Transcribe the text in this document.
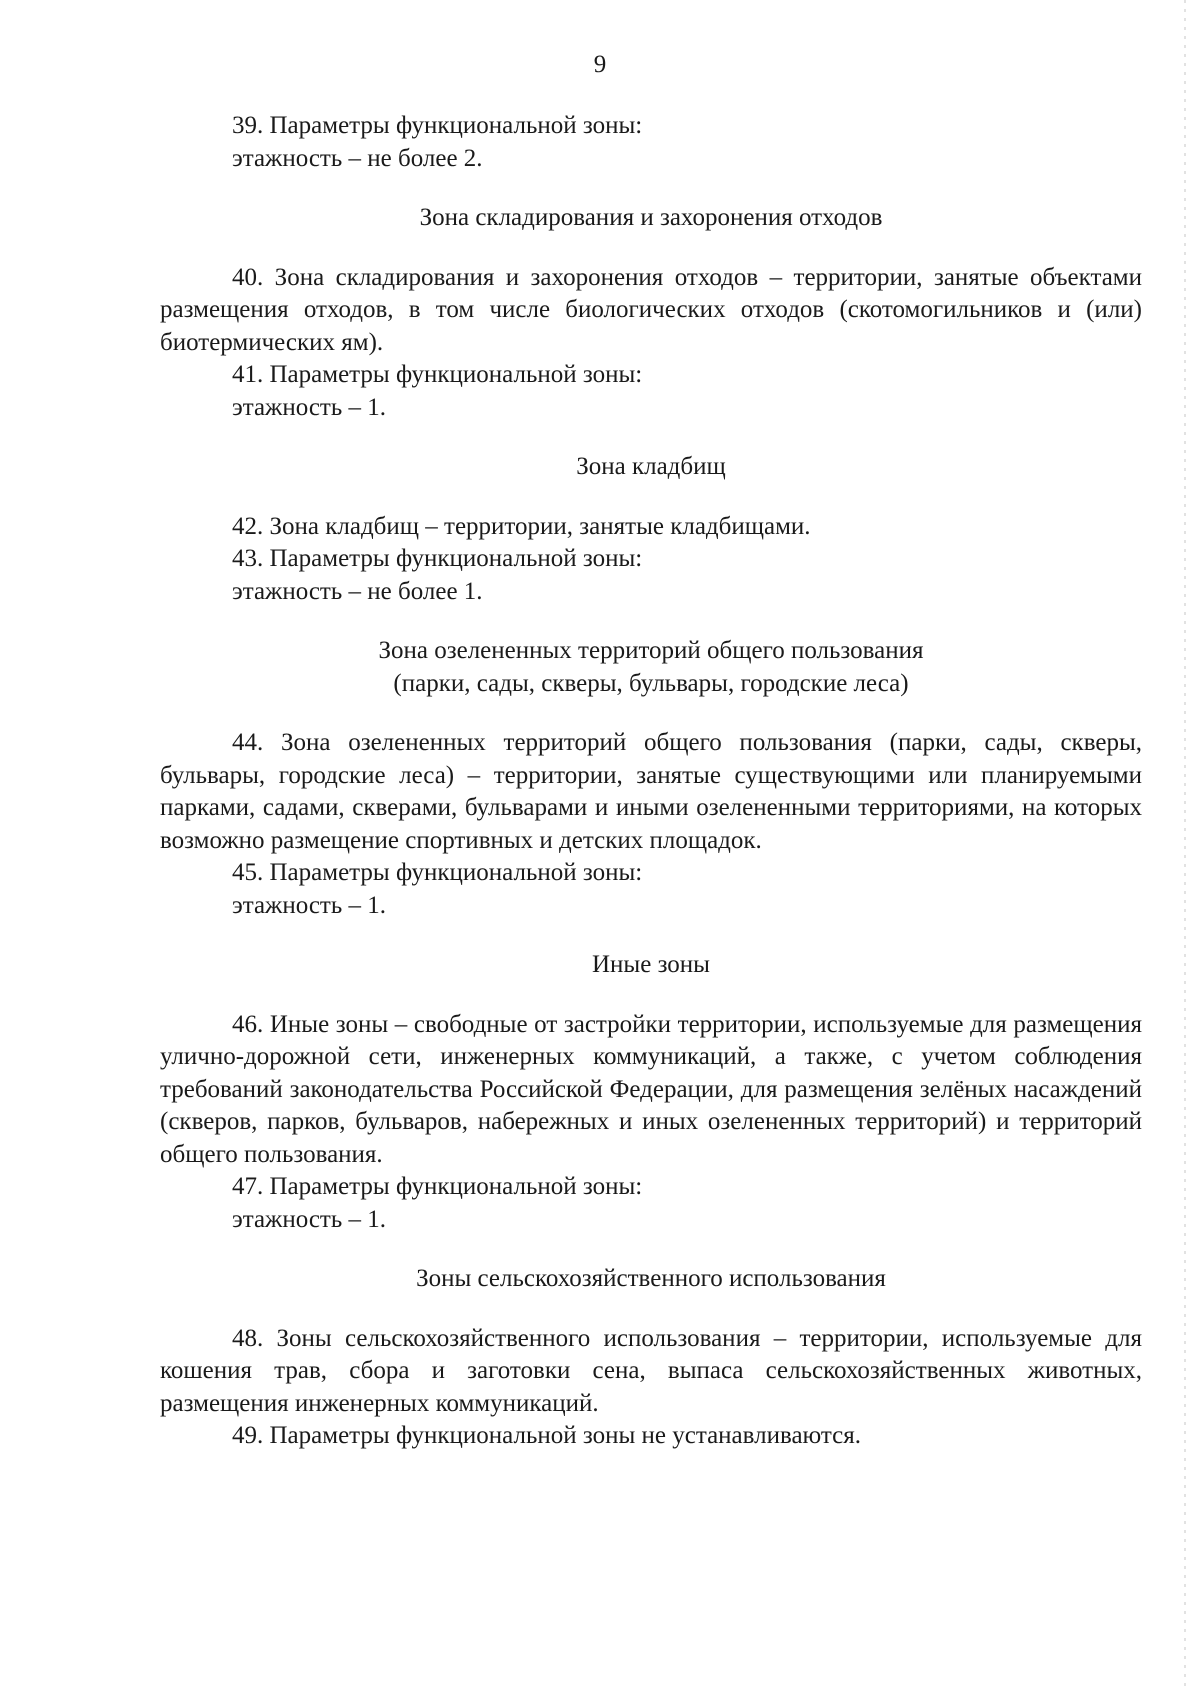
9

39. Параметры функциональной зоны:

этажность – не более 2.

Зона складирования и захоронения отходов

40. Зона складирования и захоронения отходов – территории, занятые объектами размещения отходов, в том числе биологических отходов (скотомогильников и (или) биотермических ям).

41. Параметры функциональной зоны:

этажность – 1.

Зона кладбищ

42. Зона кладбищ – территории, занятые кладбищами.

43. Параметры функциональной зоны:

этажность – не более 1.

Зона озелененных территорий общего пользования

(парки, сады, скверы, бульвары, городские леса)

44. Зона озелененных территорий общего пользования (парки, сады, скверы, бульвары, городские леса) – территории, занятые существующими или планируемыми парками, садами, скверами, бульварами и иными озелененными территориями, на которых возможно размещение спортивных и детских площадок.

45. Параметры функциональной зоны:

этажность – 1.

Иные зоны

46. Иные зоны – свободные от застройки территории, используемые для размещения улично-дорожной сети, инженерных коммуникаций, а также, с учетом соблюдения требований законодательства Российской Федерации, для размещения зелёных насаждений (скверов, парков, бульваров, набережных и иных озелененных территорий) и территорий общего пользования.

47. Параметры функциональной зоны:

этажность – 1.

Зоны сельскохозяйственного использования

48. Зоны сельскохозяйственного использования – территории, используемые для кошения трав, сбора и заготовки сена, выпаса сельскохозяйственных животных, размещения инженерных коммуникаций.

49. Параметры функциональной зоны не устанавливаются.
